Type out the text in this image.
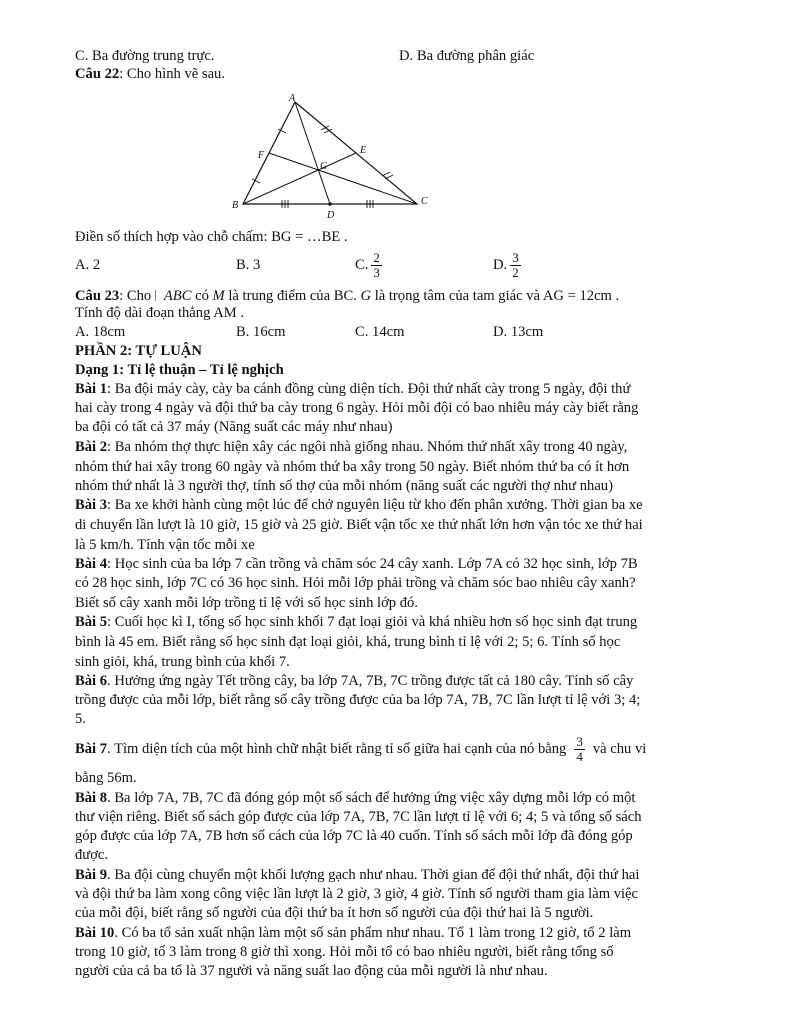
C. Ba đường trung trực.	D. Ba đường phân giác
Câu 22: Cho hình vẽ sau.
A
B	C
D
E
F
G
Điền số thích hợp vào chỗ chấm: BG = …BE .
A. 2	B. 3	C. $\frac{2}{3}$	D. $\frac{3}{2}$
Câu 23: Cho ABC có M là trung điểm của BC. G là trọng tâm của tam giác và AG = 12cm .
Tính độ dài đoạn thẳng AM .
A. 18cm	B. 16cm	C. 14cm	D. 13cm
PHẦN 2: TỰ LUẬN
Dạng 1: Tỉ lệ thuận – Tỉ lệ nghịch
Bài 1: Ba đội máy cày, cày ba cánh đồng cùng diện tích. Đội thứ nhất cày trong 5 ngày, đội thứ
hai cày trong 4 ngày và đội thứ ba cày trong 6 ngày. Hỏi mỗi đội có bao nhiêu máy cày biết rằng
ba đội có tất cả 37 máy (Năng suất các máy như nhau)
Bài 2: Ba nhóm thợ thực hiện xây các ngôi nhà giống nhau. Nhóm thứ nhất xây trong 40 ngày,
nhóm thứ hai xây trong 60 ngày và nhóm thứ ba xây trong 50 ngày. Biết nhóm thứ ba có ít hơn
nhóm thứ nhất là 3 người thợ, tính số thợ của mỗi nhóm (năng suất các người thợ như nhau)
Bài 3: Ba xe khởi hành cùng một lúc để chở nguyên liệu từ kho đến phân xưởng. Thời gian ba xe
di chuyển lần lượt là 10 giờ, 15 giờ và 25 giờ. Biết vận tốc xe thứ nhất lớn hơn vận tóc xe thứ hai
là 5 km/h. Tính vận tốc mỗi xe
Bài 4: Học sinh của ba lớp 7 cần trồng và chăm sóc 24 cây xanh. Lớp 7A có 32 học sinh, lớp 7B
có 28 học sinh, lớp 7C có 36 học sinh. Hỏi mỗi lớp phải trồng và chăm sóc bao nhiêu cây xanh?
Biết số cây xanh mỗi lớp trồng tỉ lệ với số học sinh lớp đó.
Bài 5: Cuối học kì I, tổng số học sinh khối 7 đạt loại giỏi và khá nhiều hơn số học sinh đạt trung
bình là 45 em. Biết rằng số học sinh đạt loại giỏi, khá, trung bình tỉ lệ với 2; 5; 6. Tính số học
sinh giỏi, khá, trung bình của khối 7.
Bài 6. Hưởng ứng ngày Tết trồng cây, ba lớp 7A, 7B, 7C trồng được tất cả 180 cây. Tính số cây
trồng được của mỗi lớp, biết rằng số cây trồng được của ba lớp 7A, 7B, 7C lần lượt tỉ lệ với 3; 4;
5.
Bài 7. Tìm diện tích của một hình chữ nhật biết rằng tỉ số giữa hai cạnh của nó bằng $\frac{3}{4}$ và chu vi
bằng 56m.
Bài 8. Ba lớp 7A, 7B, 7C đã đóng góp một số sách để hưởng ứng việc xây dựng mỗi lớp có một
thư viện riêng. Biết số sách góp được của lớp 7A, 7B, 7C lần lượt tỉ lệ với 6; 4; 5 và tổng số sách
góp được của lớp 7A, 7B hơn số cách của lớp 7C là 40 cuốn. Tính số sách mỗi lớp đã đóng góp
được.
Bài 9. Ba đội cùng chuyển một khối lượng gạch như nhau. Thời gian để đội thứ nhất, đội thứ hai
và đội thứ ba làm xong công việc lần lượt là 2 giờ, 3 giờ, 4 giờ. Tính số người tham gia làm việc
của mỗi đội, biết rằng số người của đội thứ ba ít hơn số người của đội thứ hai là 5 người.
Bài 10. Có ba tổ sản xuất nhận làm một số sản phẩm như nhau. Tổ 1 làm trong 12 giờ, tổ 2 làm
trong 10 giờ, tổ 3 làm trong 8 giờ thì xong. Hỏi mỗi tổ có bao nhiêu người, biết rằng tổng số
người của cả ba tổ là 37 người và năng suất lao động của mỗi người là như nhau.
